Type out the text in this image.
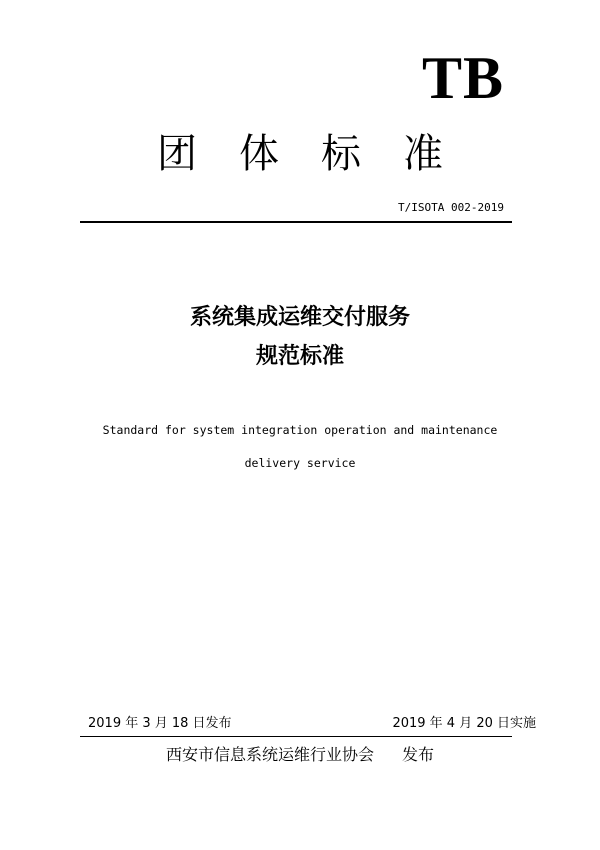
TB
团体标准
T/ISOTA 002-2019
系统集成运维交付服务
规范标准
Standard for system integration operation and maintenance
delivery service
2019 年 3 月 18 日发布	2019 年 4 月 20 日实施
西安市信息系统运维行业协会 发布
